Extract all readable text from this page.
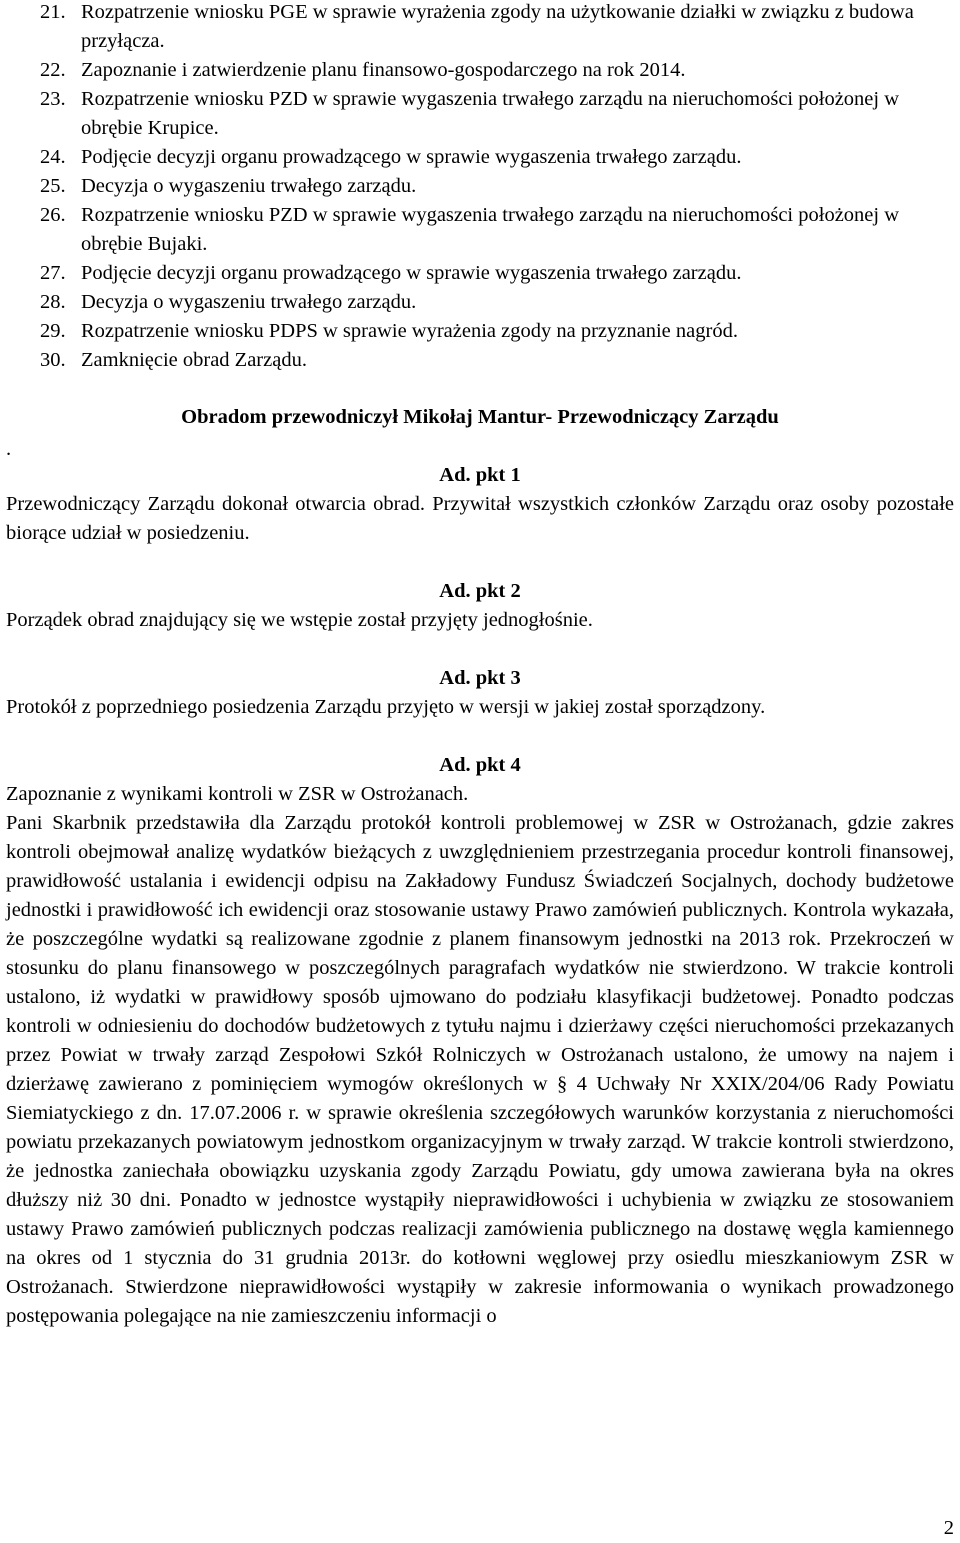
21. Rozpatrzenie wniosku PGE w sprawie wyrażenia zgody na użytkowanie działki w związku z budowa przyłącza.
22. Zapoznanie i zatwierdzenie planu finansowo-gospodarczego na rok 2014.
23. Rozpatrzenie wniosku PZD w sprawie wygaszenia trwałego zarządu na nieruchomości położonej w obrębie Krupice.
24. Podjęcie decyzji organu prowadzącego w sprawie wygaszenia trwałego zarządu.
25. Decyzja o wygaszeniu trwałego zarządu.
26. Rozpatrzenie wniosku PZD w sprawie wygaszenia trwałego zarządu na nieruchomości położonej w obrębie Bujaki.
27. Podjęcie decyzji organu prowadzącego w sprawie wygaszenia trwałego zarządu.
28. Decyzja o wygaszeniu trwałego zarządu.
29. Rozpatrzenie wniosku PDPS w sprawie wyrażenia zgody na przyznanie nagród.
30. Zamknięcie obrad Zarządu.
.
Obradom przewodniczył Mikołaj Mantur- Przewodniczący Zarządu

Ad. pkt 1

Przewodniczący Zarządu dokonał otwarcia obrad. Przywitał wszystkich członków Zarządu oraz osoby pozostałe biorące udział w posiedzeniu.

Ad. pkt 2

Porządek obrad znajdujący się we wstępie został przyjęty jednogłośnie.

Ad. pkt 3

Protokół z poprzedniego posiedzenia Zarządu przyjęto w wersji w jakiej został sporządzony.

Ad. pkt 4

Zapoznanie z wynikami kontroli w ZSR w Ostrożanach.

Pani Skarbnik przedstawiła dla Zarządu protokół kontroli problemowej w ZSR w Ostrożanach, gdzie zakres kontroli obejmował analizę wydatków bieżących z uwzględnieniem przestrzegania procedur kontroli finansowej, prawidłowość ustalania i ewidencji odpisu na Zakładowy Fundusz Świadczeń Socjalnych, dochody budżetowe jednostki i prawidłowość ich ewidencji oraz stosowanie ustawy Prawo zamówień publicznych. Kontrola wykazała, że poszczególne wydatki są realizowane zgodnie z planem finansowym jednostki na 2013 rok. Przekroczeń w stosunku do planu finansowego w poszczególnych paragrafach wydatków nie stwierdzono. W trakcie kontroli ustalono, iż wydatki w prawidłowy sposób ujmowano do podziału klasyfikacji budżetowej. Ponadto podczas kontroli w odniesieniu do dochodów budżetowych z tytułu najmu i dzierżawy części nieruchomości przekazanych przez Powiat w trwały zarząd Zespołowi Szkół Rolniczych w Ostrożanach ustalono, że umowy na najem i dzierżawę zawierano z pominięciem wymogów określonych w § 4 Uchwały Nr XXIX/204/06 Rady Powiatu Siemiatyckiego z dn. 17.07.2006 r. w sprawie określenia szczegółowych warunków korzystania z nieruchomości powiatu przekazanych powiatowym jednostkom organizacyjnym w trwały zarząd. W trakcie kontroli stwierdzono, że jednostka zaniechała obowiązku uzyskania zgody Zarządu Powiatu, gdy umowa zawierana była na okres dłuższy niż 30 dni. Ponadto w jednostce wystąpiły nieprawidłowości i uchybienia w związku ze stosowaniem ustawy Prawo zamówień publicznych podczas realizacji zamówienia publicznego na dostawę węgla kamiennego na okres od 1 stycznia do 31 grudnia 2013r. do kotłowni węglowej przy osiedlu mieszkaniowym ZSR w Ostrożanach. Stwierdzone nieprawidłowości wystąpiły w zakresie informowania o wynikach prowadzonego postępowania polegające na nie zamieszczeniu informacji o

2
